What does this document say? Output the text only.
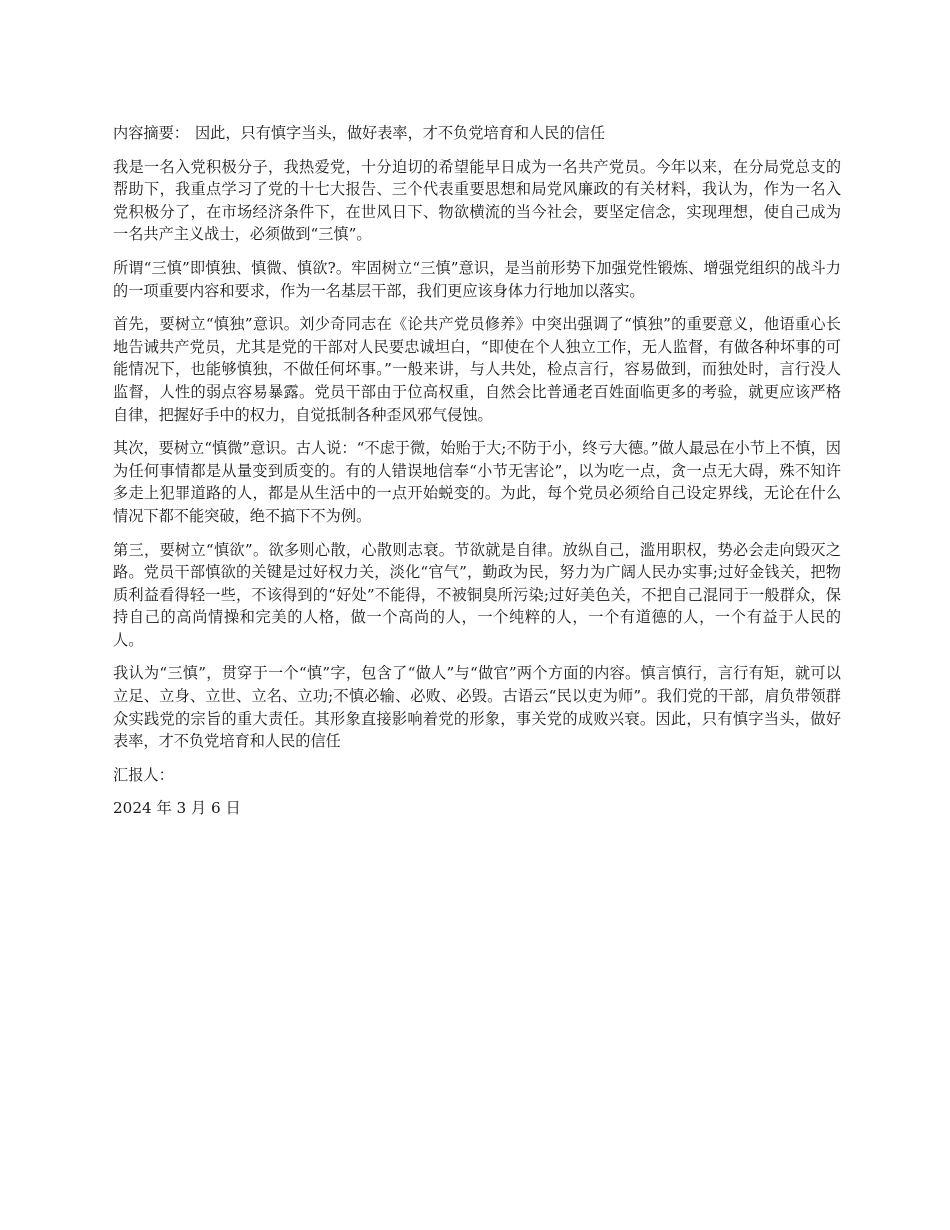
内容摘要： 因此，只有慎字当头，做好表率，才不负党培育和人民的信任

我是一名入党积极分子，我热爱党，十分迫切的希望能早日成为一名共产党员。今年以来，在分局党总支的帮助下，我重点学习了党的十七大报告、三个代表重要思想和局党风廉政的有关材料，我认为，作为一名入党积极分了，在市场经济条件下，在世风日下、物欲横流的当今社会，要坚定信念，实现理想，使自己成为一名共产主义战士，必须做到“三慎”。

所谓“三慎”即慎独、慎微、慎欲?。牢固树立“三慎”意识，是当前形势下加强党性锻炼、增强党组织的战斗力的一项重要内容和要求，作为一名基层干部，我们更应该身体力行地加以落实。

首先，要树立“慎独”意识。刘少奇同志在《论共产党员修养》中突出强调了“慎独”的重要意义，他语重心长地告诫共产党员，尤其是党的干部对人民要忠诚坦白，“即使在个人独立工作，无人监督，有做各种坏事的可能情况下，也能够慎独，不做任何坏事。”一般来讲，与人共处，检点言行，容易做到，而独处时，言行没人监督，人性的弱点容易暴露。党员干部由于位高权重，自然会比普通老百姓面临更多的考验，就更应该严格自律，把握好手中的权力，自觉抵制各种歪风邪气侵蚀。

其次，要树立“慎微”意识。古人说：“不虑于微，始贻于大;不防于小，终亏大德。”做人最忌在小节上不慎，因为任何事情都是从量变到质变的。有的人错误地信奉“小节无害论”，以为吃一点，贪一点无大碍，殊不知许多走上犯罪道路的人，都是从生活中的一点开始蜕变的。为此，每个党员必须给自己设定界线，无论在什么情况下都不能突破，绝不搞下不为例。

第三，要树立“慎欲”。欲多则心散，心散则志衰。节欲就是自律。放纵自己，滥用职权，势必会走向毁灭之路。党员干部慎欲的关键是过好权力关，淡化“官气”，勤政为民，努力为广阔人民办实事;过好金钱关，把物质利益看得轻一些，不该得到的“好处”不能得，不被铜臭所污染;过好美色关，不把自己混同于一般群众，保持自己的高尚情操和完美的人格，做一个高尚的人，一个纯粹的人，一个有道德的人，一个有益于人民的人。

我认为“三慎”，贯穿于一个“慎”字，包含了“做人”与“做官”两个方面的内容。慎言慎行，言行有矩，就可以立足、立身、立世、立名、立功;不慎必输、必败、必毁。古语云“民以吏为师”。我们党的干部，肩负带领群众实践党的宗旨的重大责任。其形象直接影响着党的形象，事关党的成败兴衰。因此，只有慎字当头，做好表率，才不负党培育和人民的信任

汇报人：

2024 年 3 月 6 日
